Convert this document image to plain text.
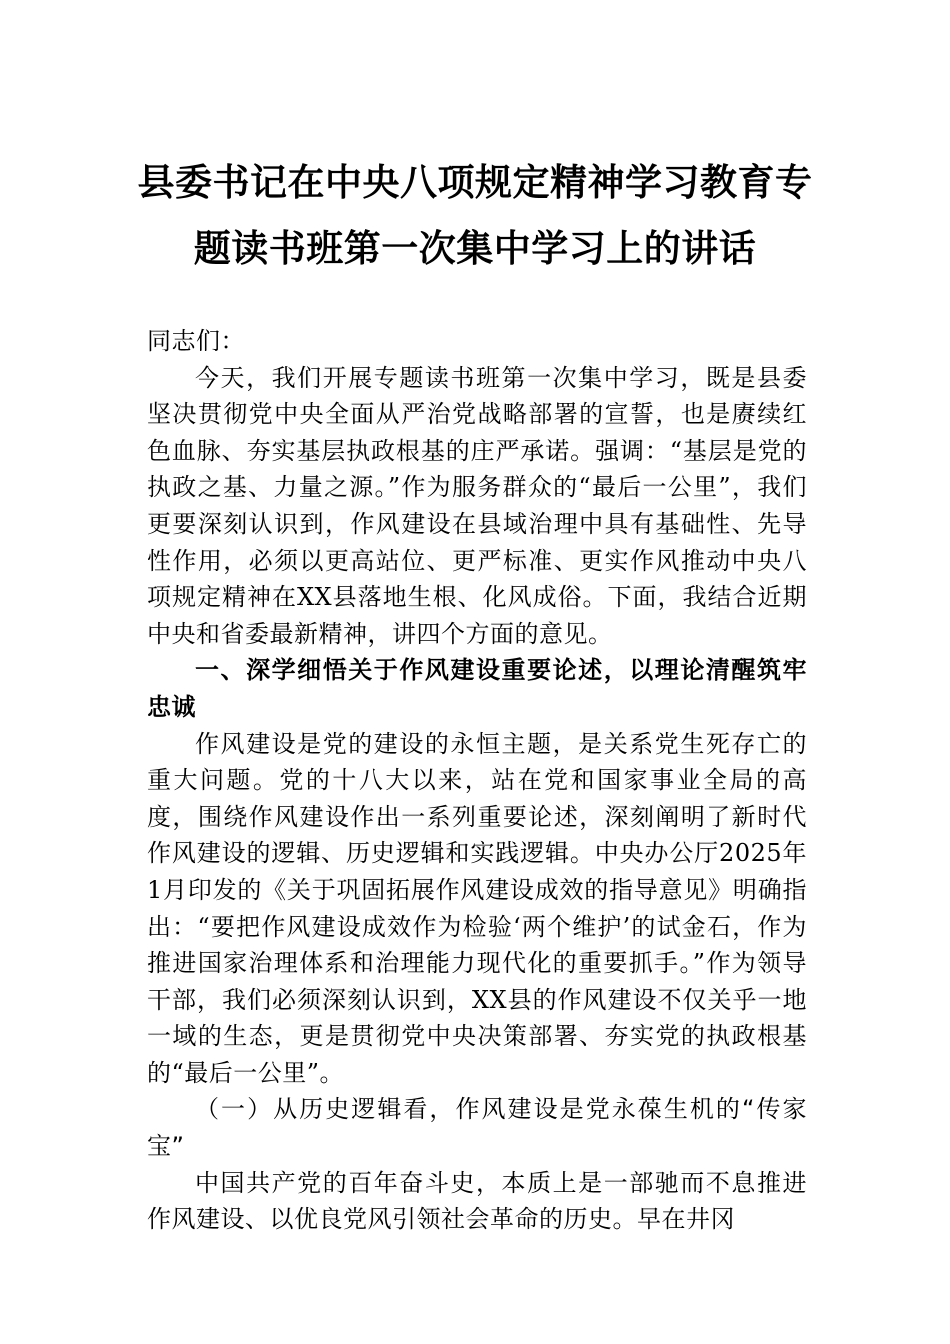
县委书记在中央八项规定精神学习教育专
题读书班第一次集中学习上的讲话

同志们：

今天，我们开展专题读书班第一次集中学习，既是县委坚决贯彻党中央全面从严治党战略部署的宣誓，也是赓续红色血脉、夯实基层执政根基的庄严承诺。强调：“基层是党的执政之基、力量之源。”作为服务群众的“最后一公里”，我们更要深刻认识到，作风建设在县域治理中具有基础性、先导性作用，必须以更高站位、更严标准、更实作风推动中央八项规定精神在XX县落地生根、化风成俗。下面，我结合近期中央和省委最新精神，讲四个方面的意见。

一、深学细悟关于作风建设重要论述，以理论清醒筑牢忠诚

作风建设是党的建设的永恒主题，是关系党生死存亡的重大问题。党的十八大以来，站在党和国家事业全局的高度，围绕作风建设作出一系列重要论述，深刻阐明了新时代作风建设的逻辑、历史逻辑和实践逻辑。中央办公厅2025年1月印发的《关于巩固拓展作风建设成效的指导意见》明确指出：“要把作风建设成效作为检验‘两个维护’的试金石，作为推进国家治理体系和治理能力现代化的重要抓手。”作为领导干部，我们必须深刻认识到，XX县的作风建设不仅关乎一地一域的生态，更是贯彻党中央决策部署、夯实党的执政根基的“最后一公里”。

（一）从历史逻辑看，作风建设是党永葆生机的“传家宝”

中国共产党的百年奋斗史，本质上是一部驰而不息推进作风建设、以优良党风引领社会革命的历史。早在井冈
